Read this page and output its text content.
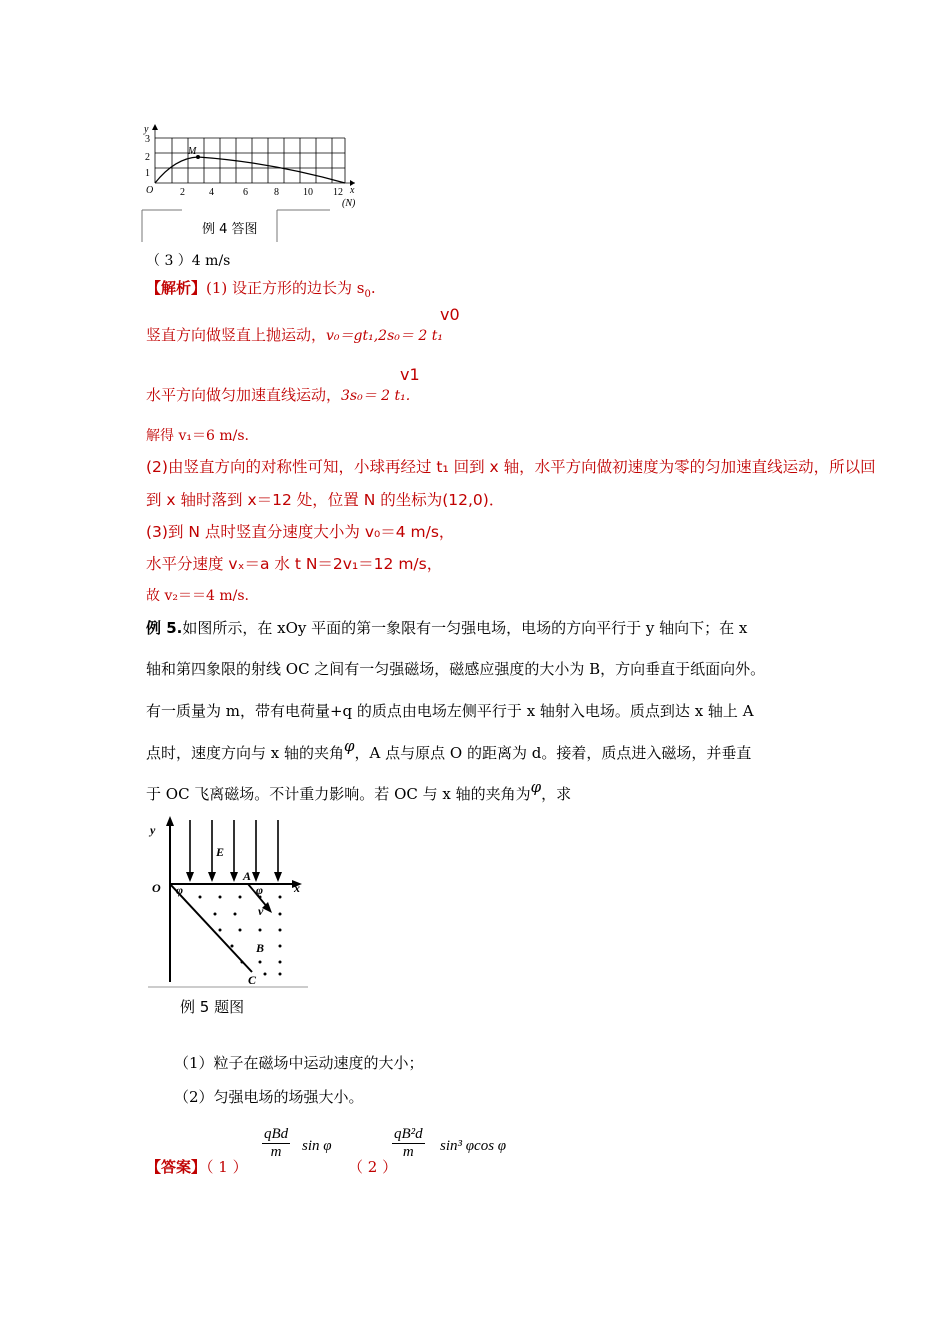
y
M
O	x
3
2
1
2 4	6	8 10 12
(N)
例 4 答图
（ 3 ）4 m/s
【解析】(1) 设正方形的边长为 $s_0$.
v0
竖直方向做竖直上抛运动，v₀＝gt₁,2s₀＝ 2 t₁
v1
水平方向做匀加速直线运动，3s₀＝ 2 t₁.
解得 v₁＝6 m/s.
(2)由竖直方向的对称性可知，小球再经过 t₁ 回到 x 轴，水平方向做初速度为零的匀加速直线运动，所以回
到 x 轴时落到 x＝12 处，位置 N 的坐标为(12,0)．
(3)到 N 点时竖直分速度大小为 v₀＝4 m/s，
水平分速度 vₓ＝a 水 t N＝2v₁＝12 m/s，
故 v₂＝＝4 m/s.
例 5.如图所示，在 xOy 平面的第一象限有一匀强电场，电场的方向平行于 y 轴向下；在 x
轴和第四象限的射线 OC 之间有一匀强磁场，磁感应强度的大小为 B，方向垂直于纸面向外。
有一质量为 m，带有电荷量+q 的质点由电场左侧平行于 x 轴射入电场。质点到达 x 轴上 A
点时，速度方向与 x 轴的夹角φ，A 点与原点 O 的距离为 d。接着，质点进入磁场，并垂直
于 OC 飞离磁场。不计重力影响。若 OC 与 x 轴的夹角为φ，求
y
x
O
E
A
v
B
C
φ	φ
例 5 题图
（1）粒子在磁场中运动速度的大小；
（2）匀强电场的场强大小。
【答案】（ 1 ）
qBd
m	sin φ
（ 2 ）
$\frac{\text{qB²d}}{m} \sin^3$ φcos φ
